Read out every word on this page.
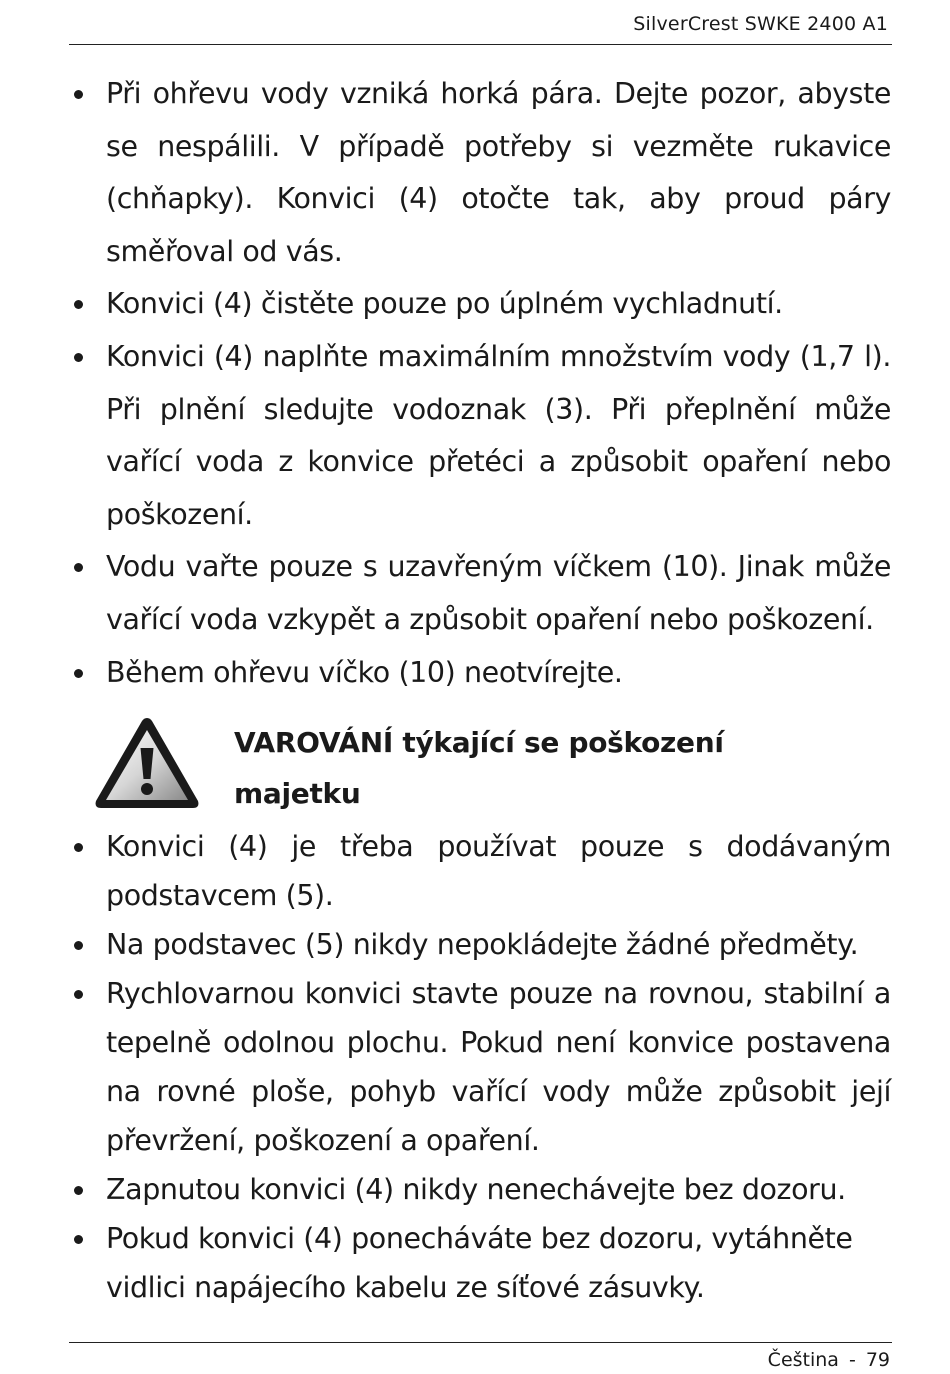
SilverCrest SWKE 2400 A1
Při ohřevu vody vzniká horká pára. Dejte pozor, abyste se nespálili. V případě potřeby si vezměte rukavice (chňapky). Konvici (4) otočte tak, aby proud páry směřoval od vás.
Konvici (4) čistěte pouze po úplném vychladnutí.
Konvici (4) naplňte maximálním množstvím vody (1,7 l). Při plnění sledujte vodoznak (3). Při přeplnění může vařící voda z konvice přetéci a způsobit opaření nebo poškození.
Vodu vařte pouze s uzavřeným víčkem (10). Jinak může vařící voda vzkypět a způsobit opaření nebo poškození.
Během ohřevu víčko (10) neotvírejte.
VAROVÁNÍ týkající se poškození majetku
Konvici (4) je třeba používat pouze s dodávaným podstavcem (5).
Na podstavec (5) nikdy nepokládejte žádné předměty.
Rychlovarnou konvici stavte pouze na rovnou, stabilní a tepelně odolnou plochu. Pokud není konvice postavena na rovné ploše, pohyb vařící vody může způsobit její převržení, poškození a opaření.
Zapnutou konvici (4) nikdy nenechávejte bez dozoru.
Pokud konvici (4) ponecháváte bez dozoru, vytáhněte vidlici napájecího kabelu ze síťové zásuvky.
Čeština - 79
